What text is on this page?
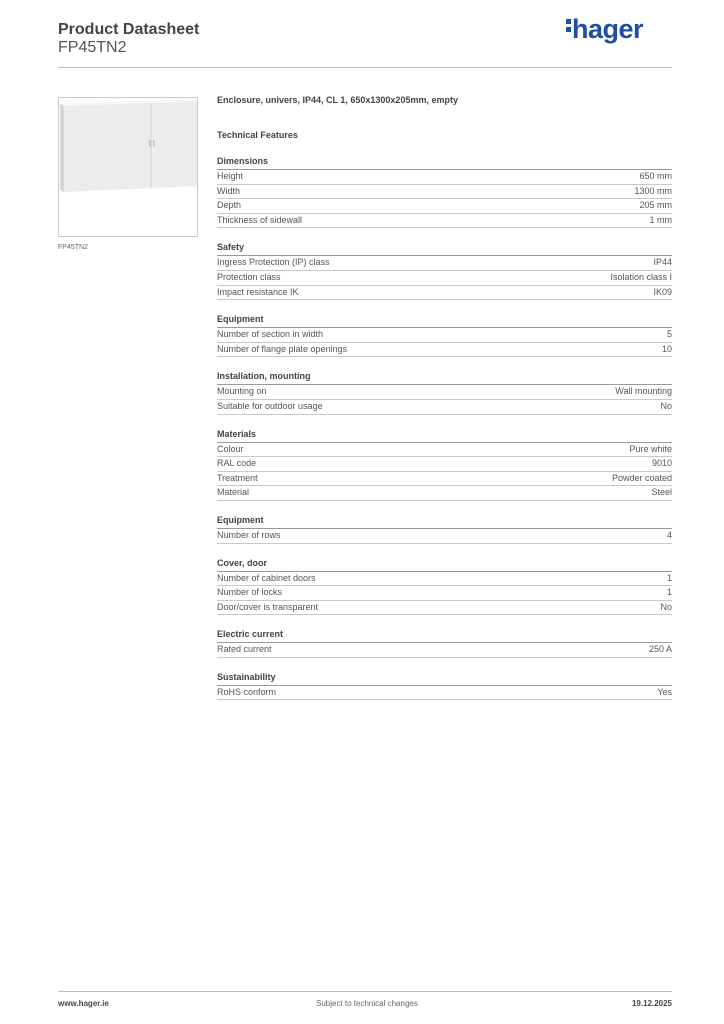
Product Datasheet
FP45TN2
hager
FP45TN2
Enclosure, univers, IP44, CL 1, 650x1300x205mm, empty
Technical Features
Dimensions
Height	650 mm
Width	1300 mm
Depth	205 mm
Thickness of sidewall	1 mm
Safety
Ingress Protection (IP) class	IP44
Protection class	Isolation class I
Impact resistance IK	IK09
Equipment
Number of section in width	5
Number of flange plate openings	10
Installation, mounting
Mounting on	Wall mounting
Suitable for outdoor usage	No
Materials
Colour	Pure white
RAL code	9010
Treatment	Powder coated
Material	Steel
Equipment
Number of rows	4
Cover, door
Number of cabinet doors	1
Number of locks	1
Door/cover is transparent	No
Electric current
Rated current	250 A
Sustainability
RoHS conform	Yes
www.hager.ie	Subject to technical changes	19.12.2025
